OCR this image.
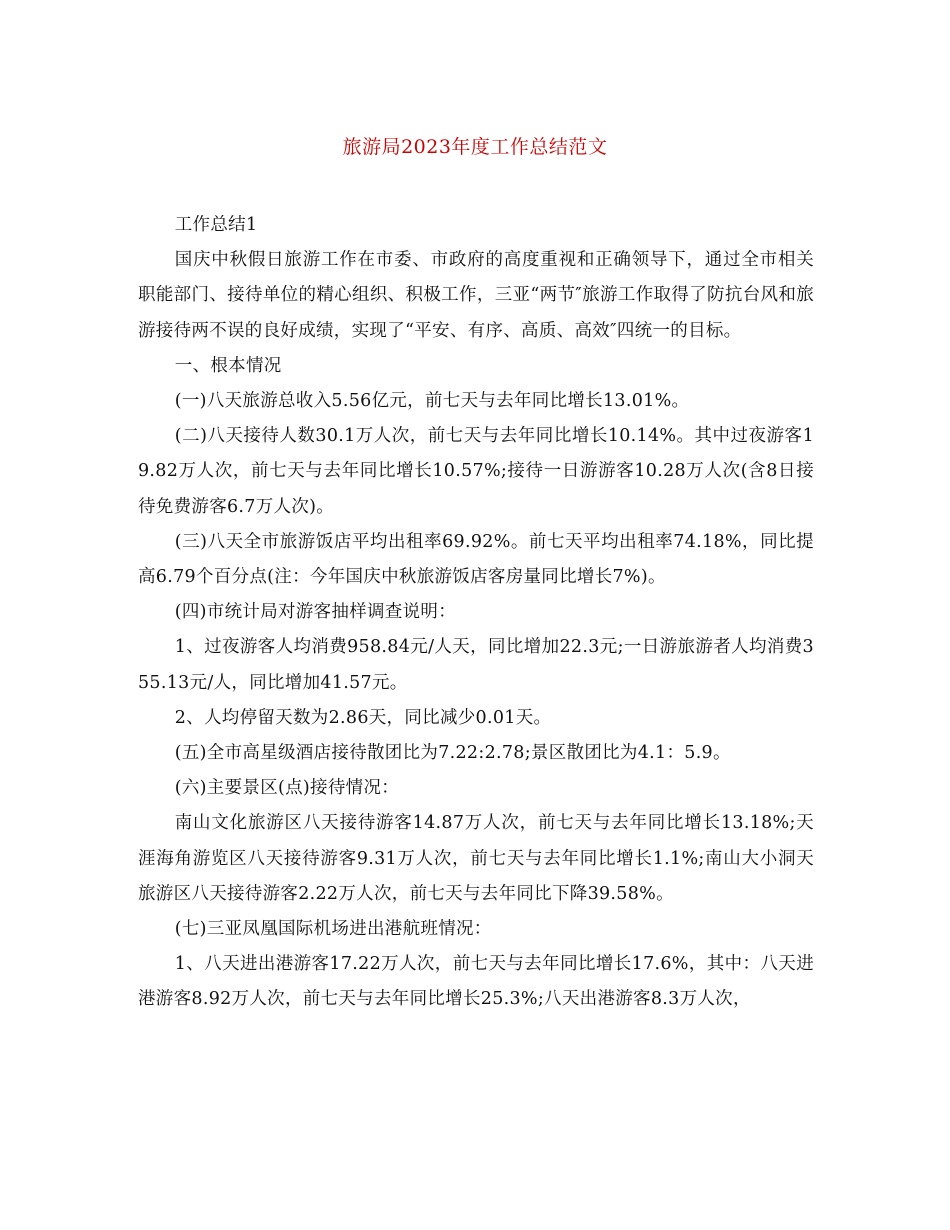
旅游局2023年度工作总结范文

工作总结1

国庆中秋假日旅游工作在市委、市政府的高度重视和正确领导下，通过全市相关职能部门、接待单位的精心组织、积极工作，三亚“两节″旅游工作取得了防抗台风和旅游接待两不误的良好成绩，实现了“平安、有序、高质、高效″四统一的目标。

一、根本情况

(一)八天旅游总收入5.56亿元，前七天与去年同比增长13.01%。

(二)八天接待人数30.1万人次，前七天与去年同比增长10.14%。其中过夜游客19.82万人次，前七天与去年同比增长10.57%;接待一日游游客10.28万人次(含8日接待免费游客6.7万人次)。

(三)八天全市旅游饭店平均出租率69.92%。前七天平均出租率74.18%，同比提高6.79个百分点(注：今年国庆中秋旅游饭店客房量同比增长7%)。

(四)市统计局对游客抽样调查说明：

1、过夜游客人均消费958.84元/人天，同比增加22.3元;一日游旅游者人均消费355.13元/人，同比增加41.57元。

2、人均停留天数为2.86天，同比减少0.01天。

(五)全市高星级酒店接待散团比为7.22:2.78;景区散团比为4.1：5.9。

(六)主要景区(点)接待情况：

南山文化旅游区八天接待游客14.87万人次，前七天与去年同比增长13.18%;天涯海角游览区八天接待游客9.31万人次，前七天与去年同比增长1.1%;南山大小洞天旅游区八天接待游客2.22万人次，前七天与去年同比下降39.58%。

(七)三亚凤凰国际机场进出港航班情况：

1、八天进出港游客17.22万人次，前七天与去年同比增长17.6%，其中：八天进港游客8.92万人次，前七天与去年同比增长25.3%;八天出港游客8.3万人次，
